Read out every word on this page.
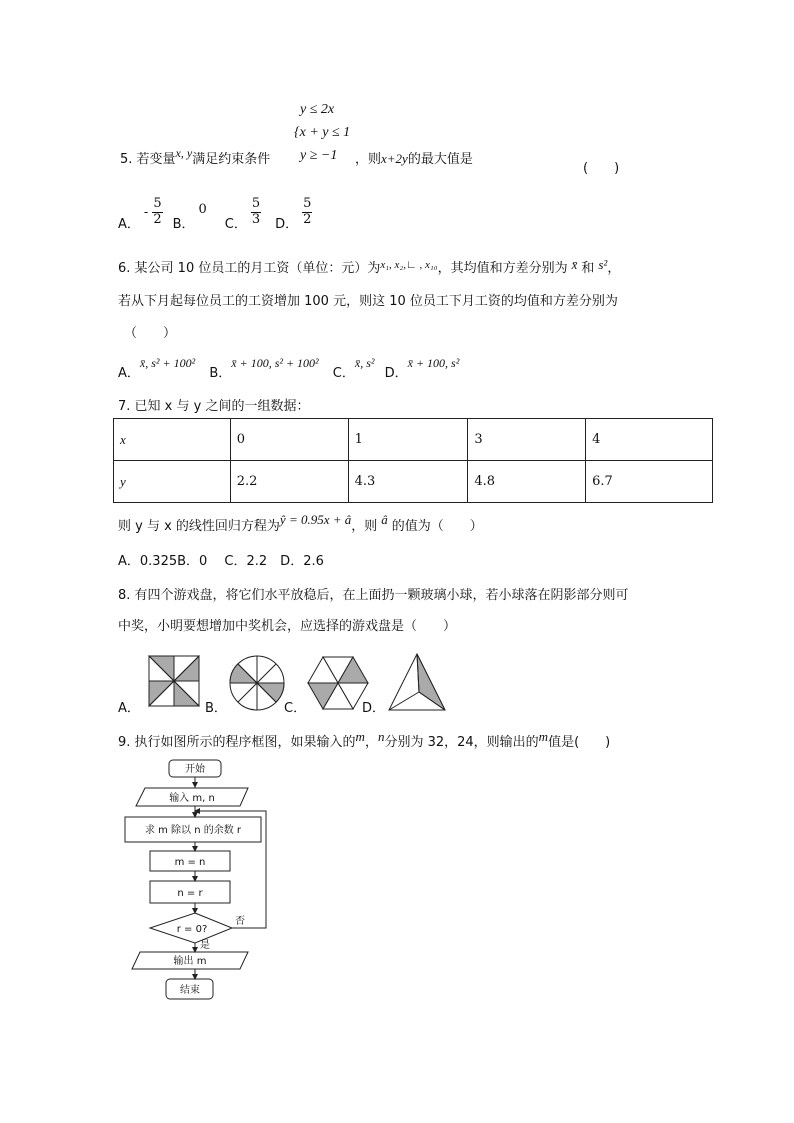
y ≤ 2x
{x + y ≤ 1
5. 若变量x, y满足约束条件 y ≥ −1 ，则x+2y的最大值是
(　　)
A．
- $\frac{5}{2}$ B．
0
C． $\frac{5}{3}$ D． $\frac{5}{2}$
6. 某公司 10 位员工的月工资（单位：元）为$^{x_1, x_2,∟ , x_{10}}$，其均值和方差分别为 x̄ 和 s²，
若从下月起每位员工的工资增加 100 元，则这 10 位员工下月工资的均值和方差分别为
（　　）
A．x̄, s² + 100² B．x̄ + 100, s² + 100² C．x̄, s² D．x̄ + 100, s²
7. 已知 x 与 y 之间的一组数据：
x	0	1	3	4
y	2.2	4.3	4.8	6.7
则 y 与 x 的线性回归方程为ŷ = 0.95x + â，则 â 的值为（　　）
A．0.325B．0　 C．2.2　D．2.6
8. 有四个游戏盘，将它们水平放稳后，在上面扔一颗玻璃小球，若小球落在阴影部分则可
中奖，小明要想增加中奖机会，应选择的游戏盘是（　　）
A．	B．	C．	D．
9. 执行如图所示的程序框图，如果输入的m，n分别为 32，24，则输出的m值是(　　)
开始
输入 m, n
求 m 除以 n 的余数 r
m = n
n = r
r = 0?
否
是
输出 m
结束
